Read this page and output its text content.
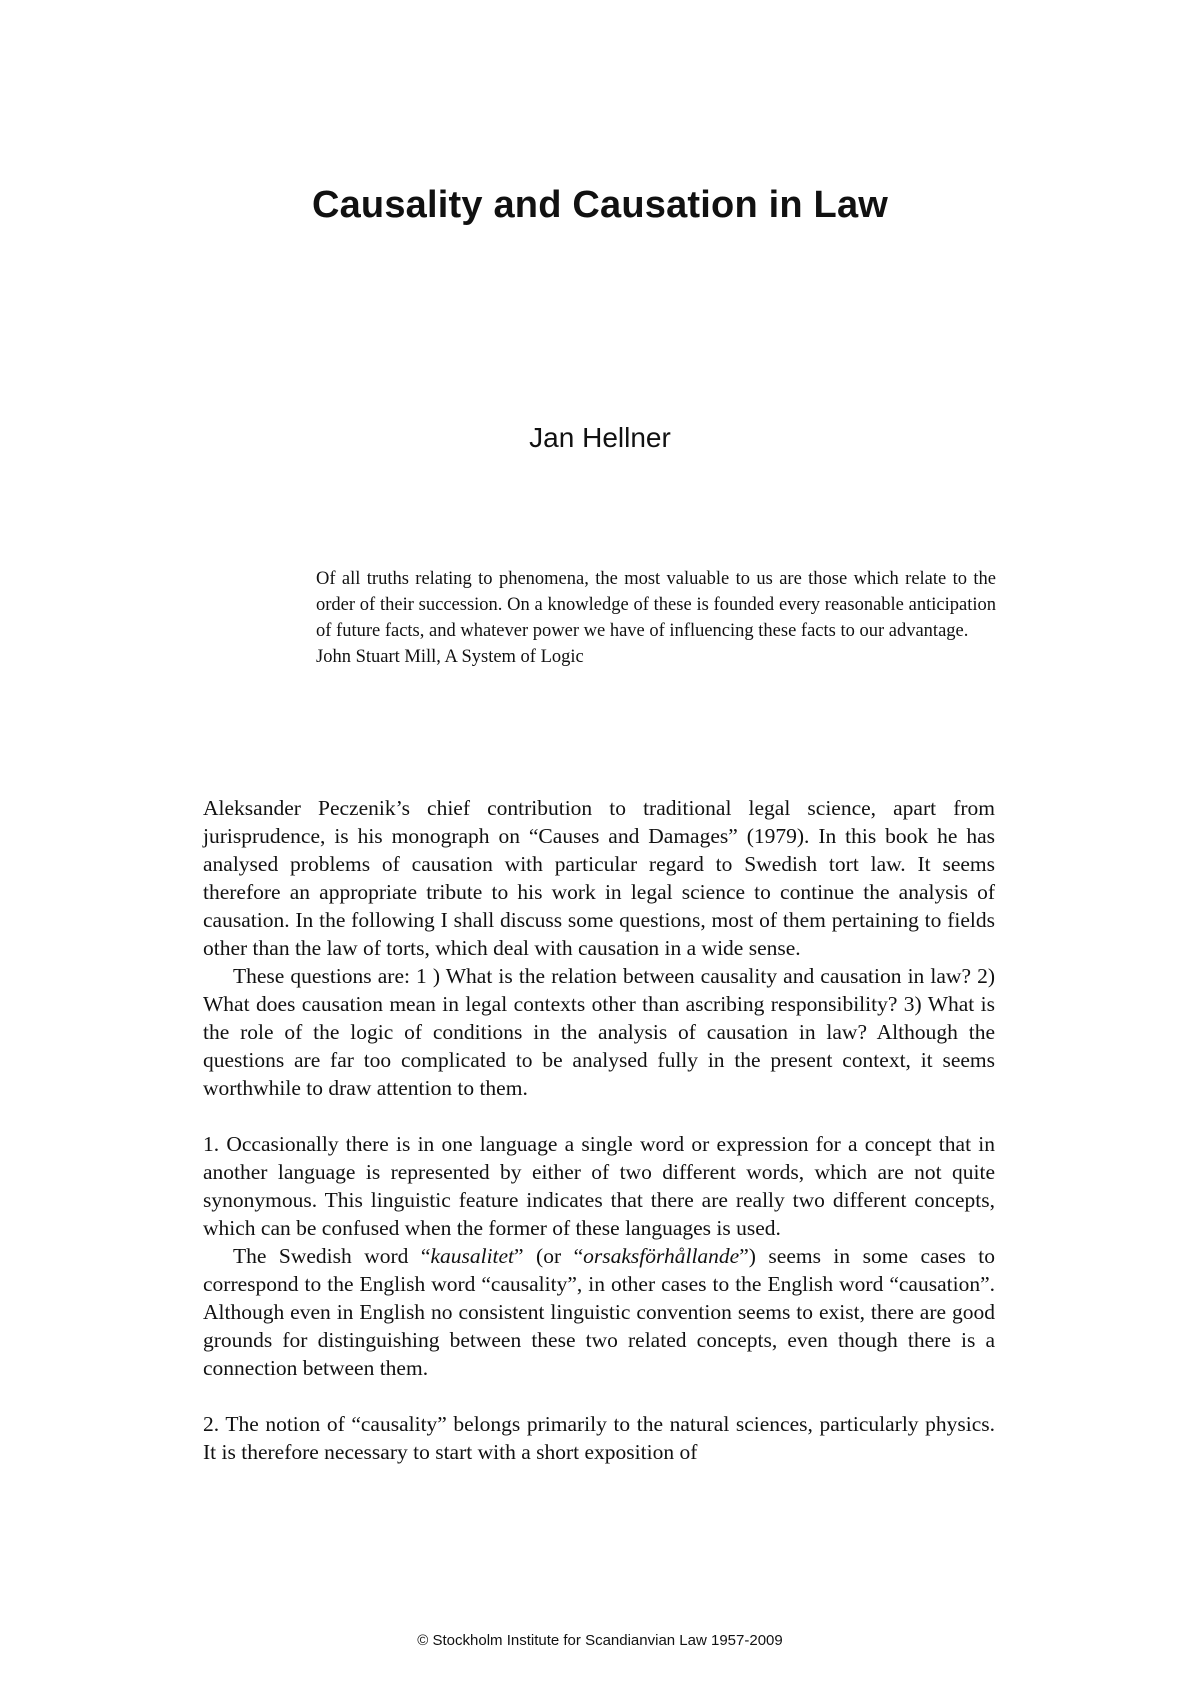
Causality and Causation in Law

Jan Hellner

Of all truths relating to phenomena, the most valuable to us are those which relate to the order of their succession. On a knowledge of these is founded every reasonable anticipation of future facts, and whatever power we have of influencing these facts to our advantage.

John Stuart Mill, A System of Logic

Aleksander Peczenik’s chief contribution to traditional legal science, apart from jurisprudence, is his monograph on “Causes and Damages” (1979). In this book he has analysed problems of causation with particular regard to Swedish tort law. It seems therefore an appropriate tribute to his work in legal science to continue the analysis of causation. In the following I shall discuss some questions, most of them pertaining to fields other than the law of torts, which deal with causation in a wide sense.

These questions are: 1 ) What is the relation between causality and causation in law? 2) What does causation mean in legal contexts other than ascribing responsibility? 3) What is the role of the logic of conditions in the analysis of causation in law? Although the questions are far too complicated to be analysed fully in the present context, it seems worthwhile to draw attention to them.

1. Occasionally there is in one language a single word or expression for a concept that in another language is represented by either of two different words, which are not quite synonymous. This linguistic feature indicates that there are really two different concepts, which can be confused when the former of these languages is used.

The Swedish word “kausalitet” (or “orsaksförhållande”) seems in some cases to correspond to the English word “causality”, in other cases to the English word “causation”. Although even in English no consistent linguistic convention seems to exist, there are good grounds for distinguishing between these two related concepts, even though there is a connection between them.

2. The notion of “causality” belongs primarily to the natural sciences, particularly physics. It is therefore necessary to start with a short exposition of

© Stockholm Institute for Scandianvian Law 1957-2009
